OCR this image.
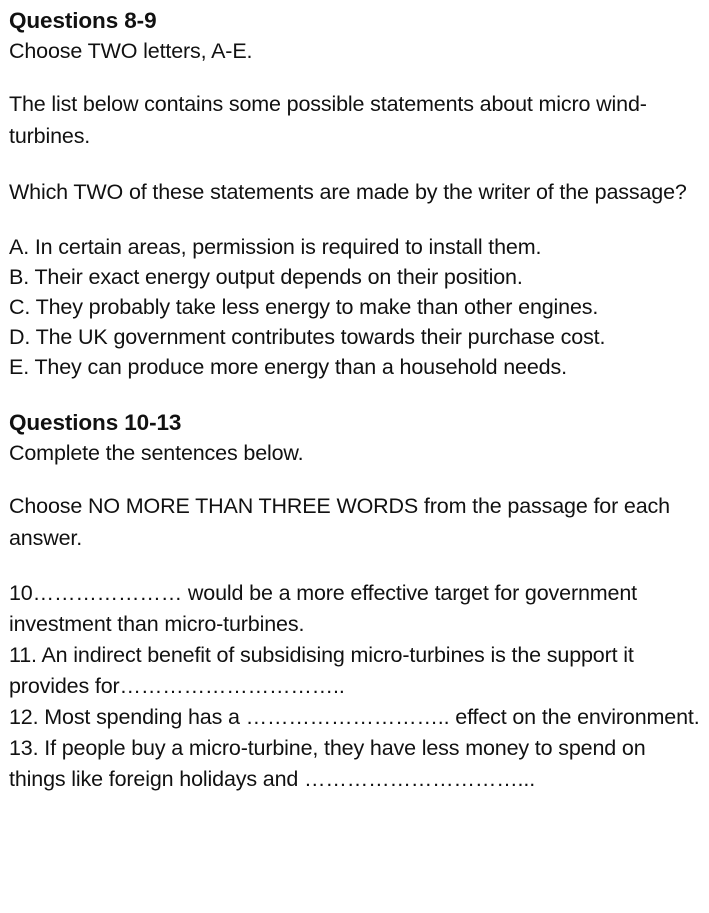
Questions 8-9

Choose TWO letters, A-E.

The list below contains some possible statements about micro wind-turbines.

Which TWO of these statements are made by the writer of the passage?

A. In certain areas, permission is required to install them.
B. Their exact energy output depends on their position.
C. They probably take less energy to make than other engines.
D. The UK government contributes towards their purchase cost.
E. They can produce more energy than a household needs.
Questions 10-13

Complete the sentences below.

Choose NO MORE THAN THREE WORDS from the passage for each answer.

10………………… would be a more effective target for government investment than micro-turbines.
11. An indirect benefit of subsidising micro-turbines is the support it provides for…………………………..
12. Most spending has a ……………………….. effect on the environment.
13. If people buy a micro-turbine, they have less money to spend on things like foreign holidays and …………………………...
